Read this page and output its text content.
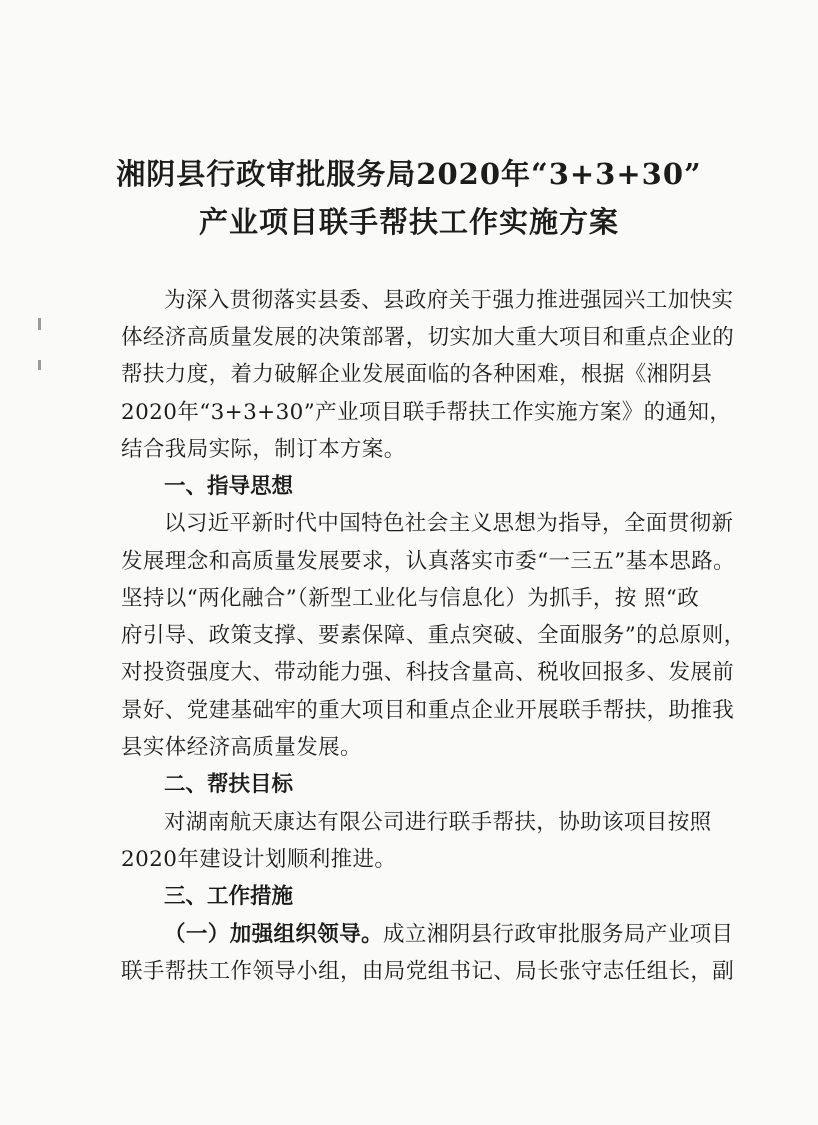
湘阴县行政审批服务局2020年“3+3+30”
产业项目联手帮扶工作实施方案
为深入贯彻落实县委、县政府关于强力推进强园兴工加快实
体经济高质量发展的决策部署，切实加大重大项目和重点企业的
帮扶力度，着力破解企业发展面临的各种困难，根据《湘阴县
2020年“3+3+30”产业项目联手帮扶工作实施方案》的通知，
结合我局实际，制订本方案。
一、指导思想
以习近平新时代中国特色社会主义思想为指导，全面贯彻新
发展理念和高质量发展要求，认真落实市委“一三五”基本思路。
坚持以“两化融合”（新型工业化与信息化）为抓手，按 照“政
府引导、政策支撑、要素保障、重点突破、全面服务”的总原则，
对投资强度大、带动能力强、科技含量高、税收回报多、发展前
景好、党建基础牢的重大项目和重点企业开展联手帮扶，助推我
县实体经济高质量发展。
二、帮扶目标
对湖南航天康达有限公司进行联手帮扶，协助该项目按照
2020年建设计划顺利推进。
三、工作措施
（一）加强组织领导。成立湘阴县行政审批服务局产业项目
联手帮扶工作领导小组，由局党组书记、局长张守志任组长，副
